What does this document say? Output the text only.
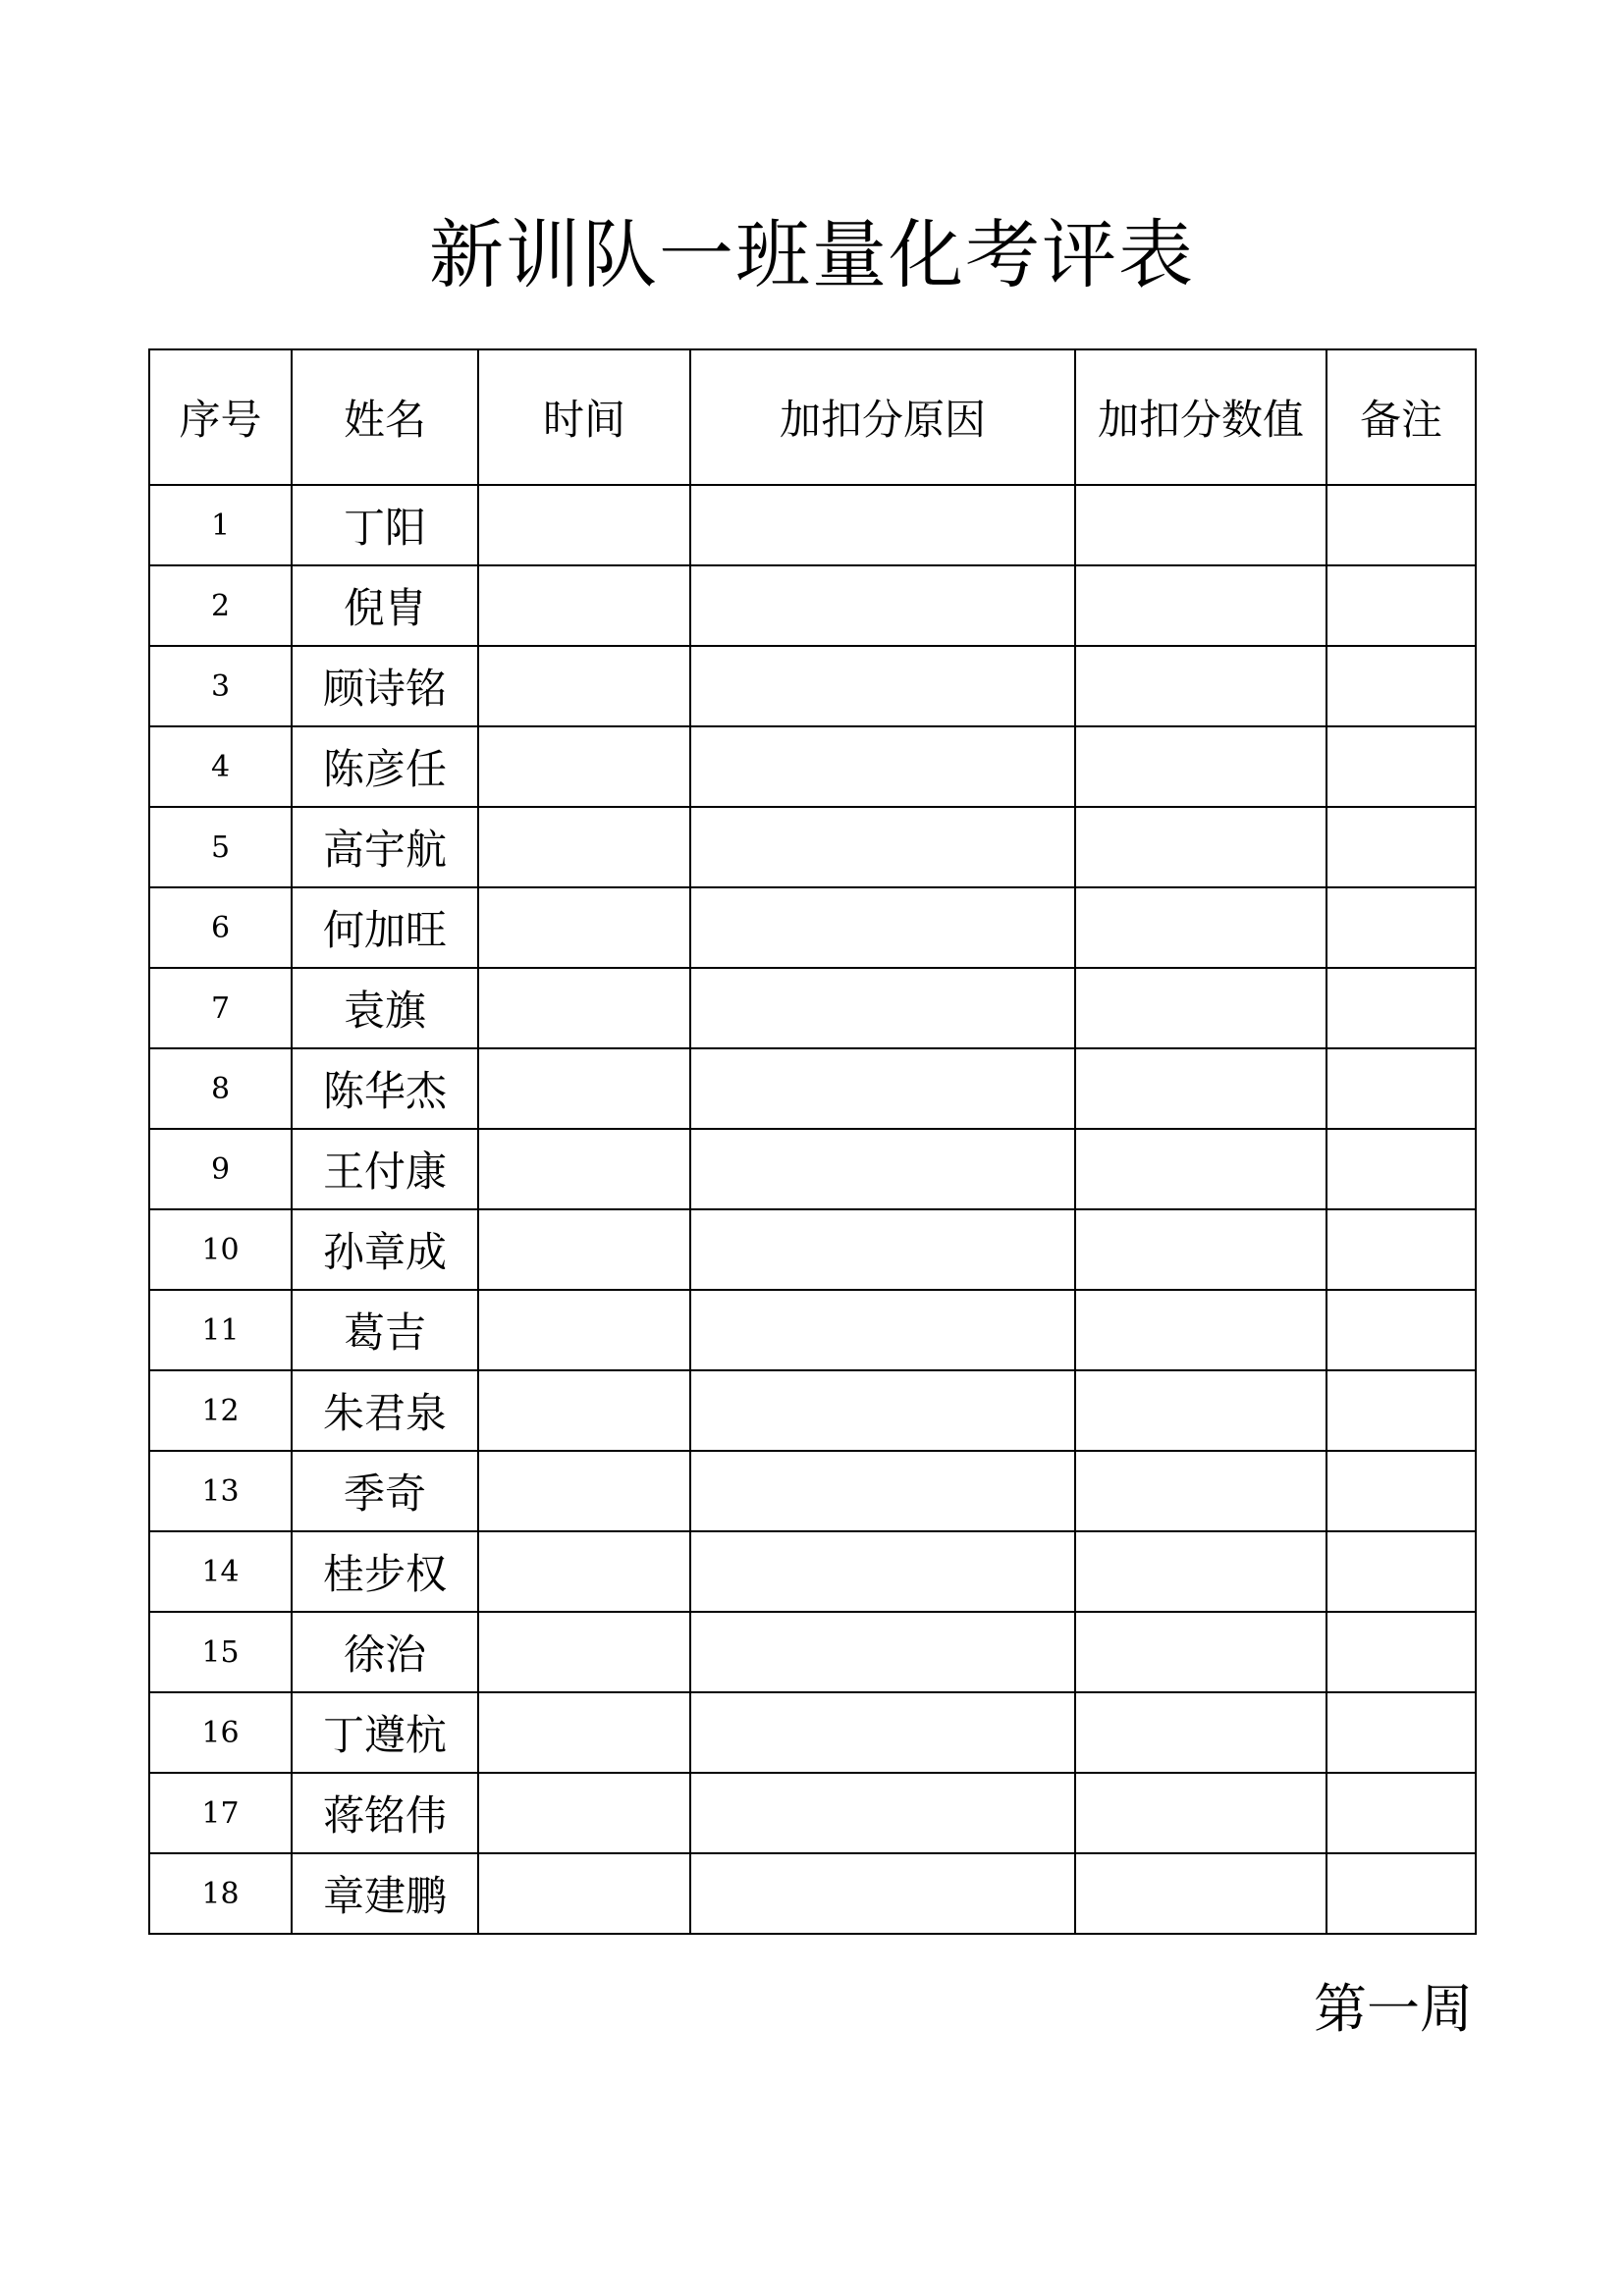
新训队一班量化考评表
序号	姓名	时间	加扣分原因	加扣分数值	备注
1	丁阳				
2	倪胄				
3	顾诗铭				
4	陈彦任				
5	高宇航				
6	何加旺				
7	袁旗				
8	陈华杰				
9	王付康				
10	孙章成				
11	葛吉				
12	朱君泉				
13	季奇				
14	桂步权				
15	徐治				
16	丁遵杭				
17	蒋铭伟				
18	章建鹏				
第一周
